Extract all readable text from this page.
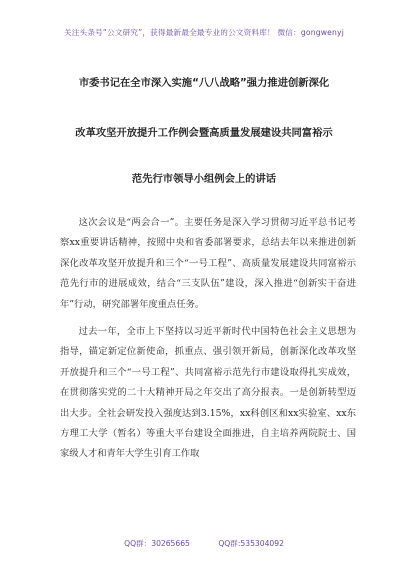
关注头条号“公文研究”，获得最新最全最专业的公文资料库！ 微信：gongwenyj
市委书记在全市深入实施“八八战略”强力推进创新深化
改革攻坚开放提升工作例会暨高质量发展建设共同富裕示
范先行市领导小组例会上的讲话

这次会议是“两会合一”。主要任务是深入学习贯彻习近平总书记考察xx重要讲话精神，按照中央和省委部署要求，总结去年以来推进创新深化改革攻坚开放提升和三个“一号工程”、高质量发展建设共同富裕示范先行市的进展成效，结合“三支队伍”建设，深入推进“创新实干奋进年”行动，研究部署年度重点任务。

过去一年，全市上下坚持以习近平新时代中国特色社会主义思想为指导，锚定新定位新使命，抓重点、强引领开新局，创新深化改革攻坚开放提升和三个“一号工程”、共同富裕示范先行市建设取得扎实成效，在贯彻落实党的二十大精神开局之年交出了高分报表。一是创新转型迈出大步。全社会研发投入强度达到3.15%，xx科创区和xx实验室、xx东方理工大学（暂名）等重大平台建设全面推进，自主培养两院院士、国家级人才和青年大学生引育工作取

QQ群：30265665	QQ群:535304092
